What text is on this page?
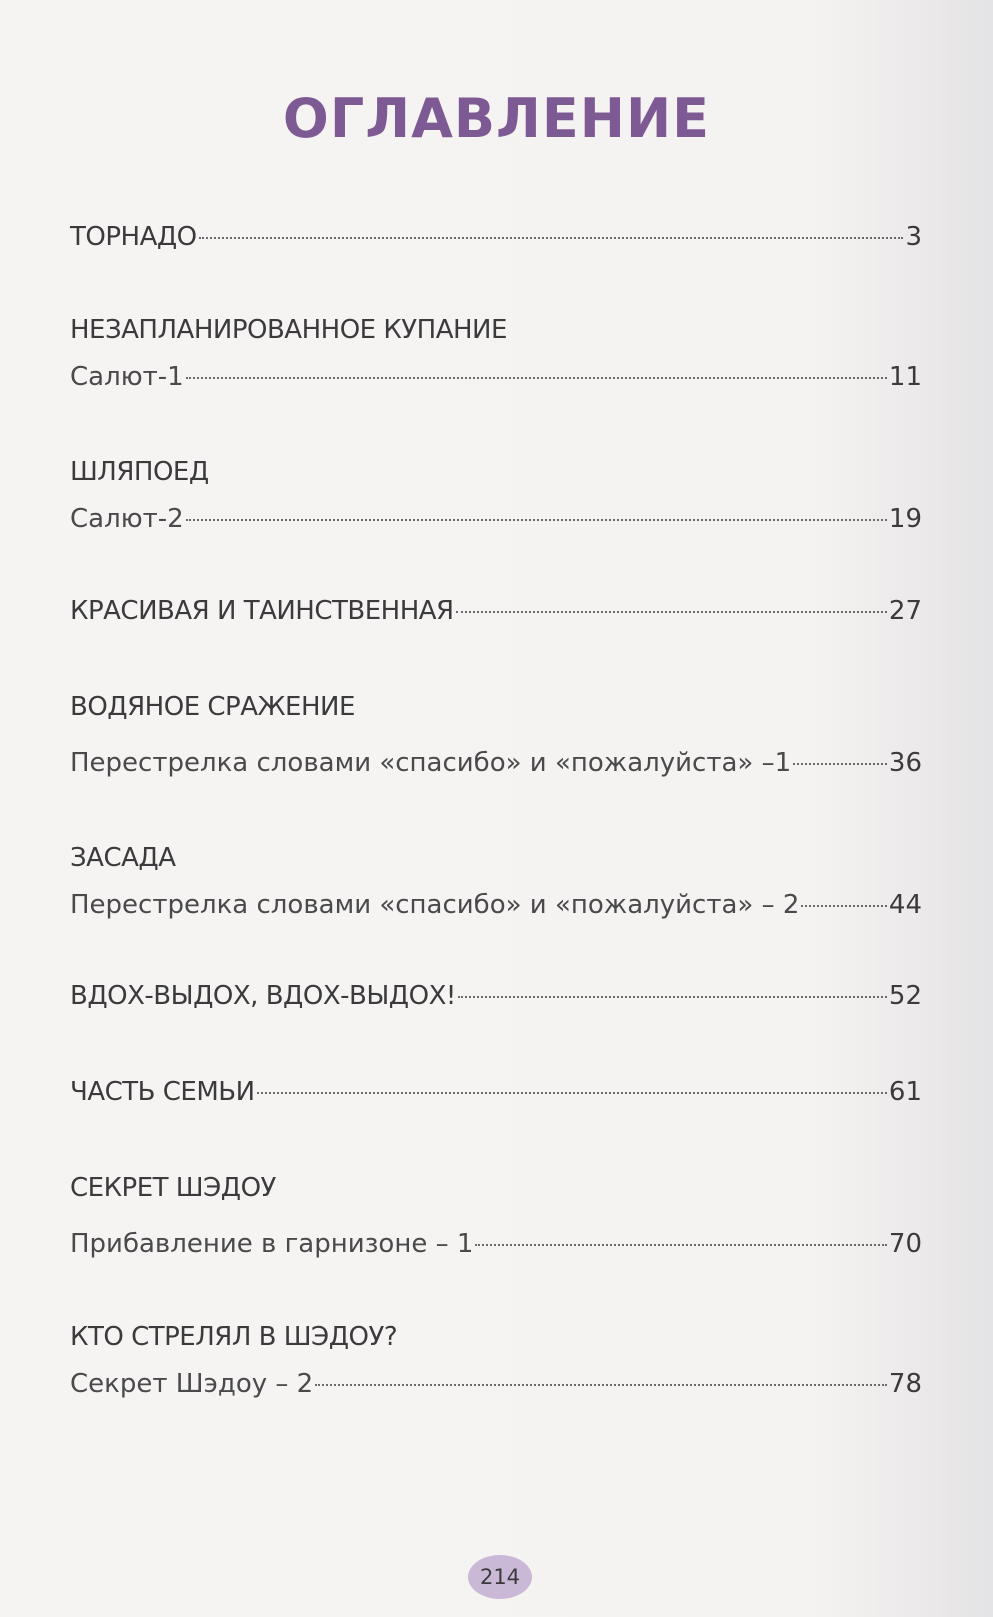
ОГЛАВЛЕНИЕ
ТОРНАДО	3
НЕЗАПЛАНИРОВАННОЕ КУПАНИЕ
Салют-1	11
ШЛЯПОЕД
Салют-2	19
КРАСИВАЯ И ТАИНСТВЕННАЯ	27
ВОДЯНОЕ СРАЖЕНИЕ
Перестрелка словами «спасибо» и «пожалуйста» –1	36
ЗАСАДА
Перестрелка словами «спасибо» и «пожалуйста» – 2	44
ВДОХ-ВЫДОХ, ВДОХ-ВЫДОХ!	52
ЧАСТЬ СЕМЬИ	61
СЕКРЕТ ШЭДОУ
Прибавление в гарнизоне – 1	70
КТО СТРЕЛЯЛ В ШЭДОУ?
Секрет Шэдоу – 2	78
214
